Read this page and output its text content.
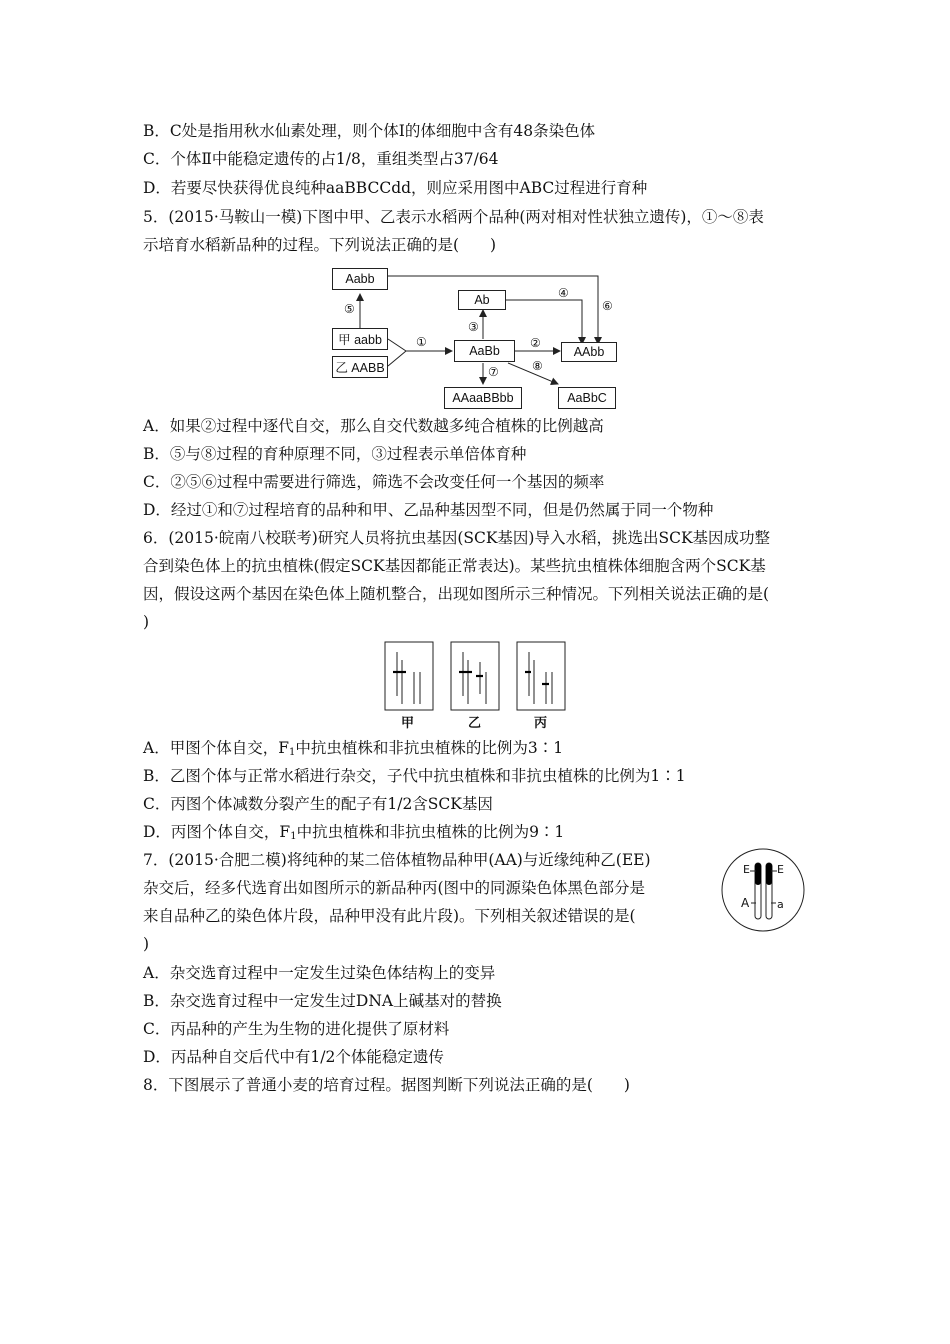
B．C处是指用秋水仙素处理，则个体Ⅰ的体细胞中含有48条染色体
C．个体Ⅱ中能稳定遗传的占1/8，重组类型占37/64
D．若要尽快获得优良纯种aaBBCCdd，则应采用图中ABC过程进行育种
5．(2015·马鞍山一模)下图中甲、乙表示水稻两个品种(两对相对性状独立遗传)，①～⑧表
示培育水稻新品种的过程。下列说法正确的是(　　)
Aabb
Ab
甲 aabb
乙 AABB
AaBb	AAbb
AAaaBBbb	AaBbC
⑤
①
③
④
⑥
②
⑦	⑧
A．如果②过程中逐代自交，那么自交代数越多纯合植株的比例越高
B．⑤与⑧过程的育种原理不同，③过程表示单倍体育种
C．②⑤⑥过程中需要进行筛选，筛选不会改变任何一个基因的频率
D．经过①和⑦过程培育的品种和甲、乙品种基因型不同，但是仍然属于同一个物种
6．(2015·皖南八校联考)研究人员将抗虫基因(SCK基因)导入水稻，挑选出SCK基因成功整
合到染色体上的抗虫植株(假定SCK基因都能正常表达)。某些抗虫植株体细胞含两个SCK基
因，假设这两个基因在染色体上随机整合，出现如图所示三种情况。下列相关说法正确的是(
)
甲	乙	丙
A．甲图个体自交，$F_1$中抗虫植株和非抗虫植株的比例为3∶1
B．乙图个体与正常水稻进行杂交，子代中抗虫植株和非抗虫植株的比例为1∶1
C．丙图个体减数分裂产生的配子有1/2含SCK基因
D．丙图个体自交，$F_1$中抗虫植株和非抗虫植株的比例为9∶1
7．(2015·合肥二模)将纯种的某二倍体植物品种甲(AA)与近缘纯种乙(EE)
杂交后，经多代选育出如图所示的新品种丙(图中的同源染色体黑色部分是
来自品种乙的染色体片段，品种甲没有此片段)。下列相关叙述错误的是(
)
E E
A	a
A．杂交选育过程中一定发生过染色体结构上的变异
B．杂交选育过程中一定发生过DNA上碱基对的替换
C．丙品种的产生为生物的进化提供了原材料
D．丙品种自交后代中有1/2个体能稳定遗传
8．下图展示了普通小麦的培育过程。据图判断下列说法正确的是(　　)
